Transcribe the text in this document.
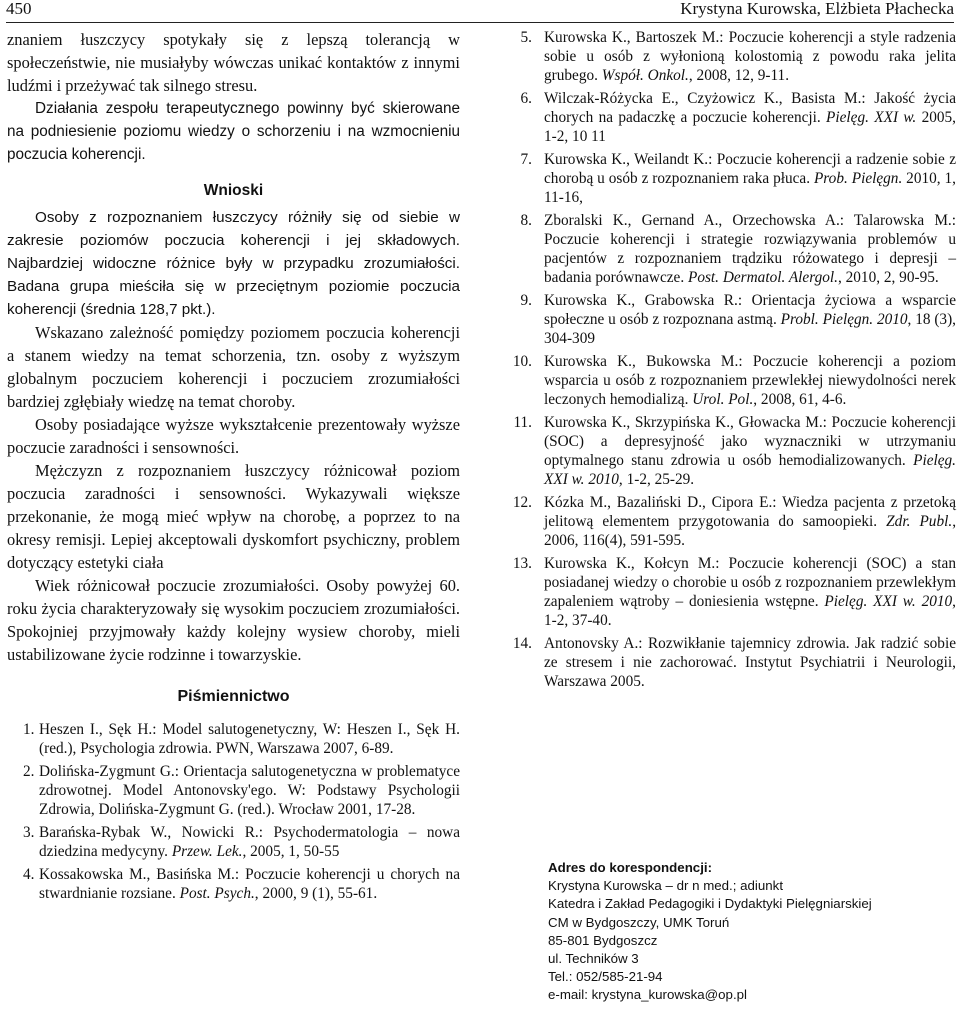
450	Krystyna Kurowska, Elżbieta Płachecka

znaniem łuszczycy spotykały się z lepszą tolerancją w społeczeństwie, nie musiałyby wówczas unikać kontaktów z innymi ludźmi i przeżywać tak silnego stresu.

Działania zespołu terapeutycznego powinny być skierowane na podniesienie poziomu wiedzy o schorzeniu i na wzmocnieniu poczucia koherencji.

Wnioski

Osoby z rozpoznaniem łuszczycy różniły się od siebie w zakresie poziomów poczucia koherencji i jej składowych. Najbardziej widoczne różnice były w przypadku zrozumiałości. Badana grupa mieściła się w przeciętnym poziomie poczucia koherencji (średnia 128,7 pkt.).

Wskazano zależność pomiędzy poziomem poczucia koherencji a stanem wiedzy na temat schorzenia, tzn. osoby z wyższym globalnym poczuciem koherencji i poczuciem zrozumiałości bardziej zgłębiały wiedzę na temat choroby.

Osoby posiadające wyższe wykształcenie prezentowały wyższe poczucie zaradności i sensowności.

Mężczyzn z rozpoznaniem łuszczycy różnicował poziom poczucia zaradności i sensowności. Wykazywali większe przekonanie, że mogą mieć wpływ na chorobę, a poprzez to na okresy remisji. Lepiej akceptowali dyskomfort psychiczny, problem dotyczący estetyki ciała

Wiek różnicował poczucie zrozumiałości. Osoby powyżej 60. roku życia charakteryzowały się wysokim poczuciem zrozumiałości. Spokojniej przyjmowały każdy kolejny wysiew choroby, mieli ustabilizowane życie rodzinne i towarzyskie.

Piśmiennictwo
1. Heszen I., Sęk H.: Model salutogenetyczny, W: Heszen I., Sęk H. (red.), Psychologia zdrowia. PWN, Warszawa 2007, 6-89.
2. Dolińska-Zygmunt G.: Orientacja salutogenetyczna w problematyce zdrowotnej. Model Antonovsky'ego. W: Podstawy Psychologii Zdrowia, Dolińska-Zygmunt G. (red.). Wrocław 2001, 17-28.
3. Barańska-Rybak W., Nowicki R.: Psychodermatologia – nowa dziedzina medycyny. Przew. Lek., 2005, 1, 50-55
4. Kossakowska M., Basińska M.: Poczucie koherencji u chorych na stwardnianie rozsiane. Post. Psych., 2000, 9 (1), 55-61.
5. Kurowska K., Bartoszek M.: Poczucie koherencji a style radzenia sobie u osób z wyłonioną kolostomią z powodu raka jelita grubego. Współ. Onkol., 2008, 12, 9-11.
6. Wilczak-Różycka E., Czyżowicz K., Basista M.: Jakość życia chorych na padaczkę a poczucie koherencji. Pielęg. XXI w. 2005, 1-2, 10 11
7. Kurowska K., Weilandt K.: Poczucie koherencji a radzenie sobie z chorobą u osób z rozpoznaniem raka płuca. Prob. Pielęgn. 2010, 1, 11-16,
8. Zboralski K., Gernand A., Orzechowska A.: Talarowska M.: Poczucie koherencji i strategie rozwiązywania problemów u pacjentów z rozpoznaniem trądziku różowatego i depresji – badania porównawcze. Post. Dermatol. Alergol., 2010, 2, 90-95.
9. Kurowska K., Grabowska R.: Orientacja życiowa a wsparcie społeczne u osób z rozpoznana astmą. Probl. Pielęgn. 2010, 18 (3), 304-309
10. Kurowska K., Bukowska M.: Poczucie koherencji a poziom wsparcia u osób z rozpoznaniem przewlekłej niewydolności nerek leczonych hemodializą. Urol. Pol., 2008, 61, 4-6.
11. Kurowska K., Skrzypińska K., Głowacka M.: Poczucie koherencji (SOC) a depresyjność jako wyznaczniki w utrzymaniu optymalnego stanu zdrowia u osób hemodializowanych. Pielęg. XXI w. 2010, 1-2, 25-29.
12. Kózka M., Bazaliński D., Cipora E.: Wiedza pacjenta z przetoką jelitową elementem przygotowania do samoopieki. Zdr. Publ., 2006, 116(4), 591-595.
13. Kurowska K., Kołcyn M.: Poczucie koherencji (SOC) a stan posiadanej wiedzy o chorobie u osób z rozpoznaniem przewlekłym zapaleniem wątroby – doniesienia wstępne. Pielęg. XXI w. 2010, 1-2, 37-40.
14. Antonovsky A.: Rozwikłanie tajemnicy zdrowia. Jak radzić sobie ze stresem i nie zachorować. Instytut Psychiatrii i Neurologii, Warszawa 2005.
Adres do korespondencji:
Krystyna Kurowska – dr n med.; adiunkt
Katedra i Zakład Pedagogiki i Dydaktyki Pielęgniarskiej
CM w Bydgoszczy, UMK Toruń
85-801 Bydgoszcz
ul. Techników 3
Tel.: 052/585-21-94
e-mail: krystyna_kurowska@op.pl
